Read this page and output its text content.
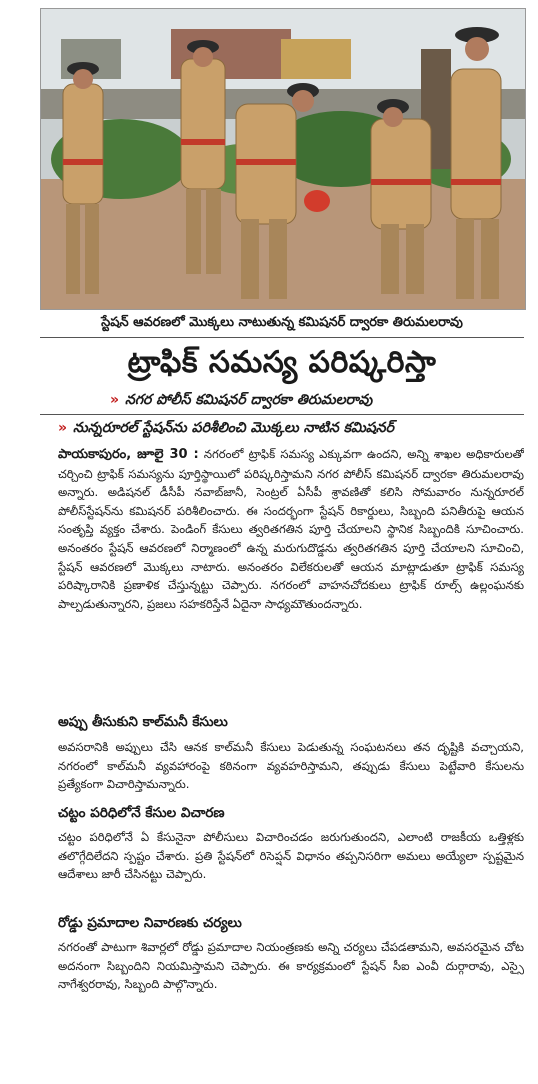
స్టేషన్ ఆవరణలో మొక్కలు నాటుతున్న కమిషనర్ ద్వారకా తిరుమలరావు
ట్రాఫిక్ సమస్య పరిష్కరిస్తా
» నగర పోలీస్ కమిషనర్ ద్వారకా తిరుమలరావు
» నున్నరూరల్ స్టేషన్‌ను పరిశీలించి మొక్కలు నాటిన కమిషనర్
పాయకాపురం, జూలై 30 : నగరంలో ట్రాఫిక్ సమస్య ఎక్కువగా ఉందని, అన్ని శాఖల అధికారులతో చర్చించి ట్రాఫిక్ సమస్యను పూర్తిస్థాయిలో పరిష్కరిస్తామని నగర పోలీస్ కమిషనర్ ద్వారకా తిరుమలరావు అన్నారు. అడిషనల్ డీసీపీ నవాబ్‌జానీ, సెంట్రల్ ఏసీపీ శ్రావణితో కలిసి సోమవారం నున్నరూరల్ పోలీస్‌స్టేషన్‌ను కమిషనర్ పరిశీలించారు. ఈ సందర్భంగా స్టేషన్ రికార్డులు, సిబ్బంది పనితీరుపై ఆయన సంతృప్తి వ్యక్తం చేశారు. పెండింగ్ కేసులు త్వరితగతిన పూర్తి చేయాలని స్థానిక సిబ్బందికి సూచించారు. అనంతరం స్టేషన్ ఆవరణలో నిర్మాణంలో ఉన్న మరుగుదొడ్డను త్వరితగతిన పూర్తి చేయాలని సూచించి, స్టేషన్ ఆవరణలో మొక్కలు నాటారు. అనంతరం విలేకరులతో ఆయన మాట్లాడుతూ ట్రాఫిక్ సమస్య పరిష్కారానికి ప్రణాళిక చేస్తున్నట్టు చెప్పారు. నగరంలో వాహనచోదకులు ట్రాఫిక్ రూల్స్ ఉల్లంఘనకు పాల్పడుతున్నారని, ప్రజలు సహకరిస్తేనే ఏదైనా సాధ్యమౌతుందన్నారు.
అప్పు తీసుకుని కాల్‌మనీ కేసులు
అవసరానికి అప్పులు చేసి ఆనక కాల్‌మనీ కేసులు పెడుతున్న సంఘటనలు తన దృష్టికి వచ్చాయని, నగరంలో కాల్‌మనీ వ్యవహారంపై కఠినంగా వ్యవహరిస్తామని, తప్పుడు కేసులు పెట్టేవారి కేసులను ప్రత్యేకంగా విచారిస్తామన్నారు.
చట్టం పరిధిలోనే కేసుల విచారణ
చట్టం పరిధిలోనే ఏ కేసునైనా పోలీసులు విచారించడం జరుగుతుందని, ఎలాంటి రాజకీయ ఒత్తిళ్లకు తలొగ్గేదిలేదని స్పష్టం చేశారు. ప్రతి స్టేషన్‌లో రిసెప్షన్ విధానం తప్పనిసరిగా అమలు అయ్యేలా స్పష్టమైన ఆదేశాలు జారీ చేసినట్టు చెప్పారు.
రోడ్డు ప్రమాదాల నివారణకు చర్యలు
నగరంతో పాటుగా శివార్లలో రోడ్డు ప్రమాదాల నియంత్రణకు అన్ని చర్యలు చేపడతామని, అవసరమైన చోట అదనంగా సిబ్బందిని నియమిస్తామని చెప్పారు. ఈ కార్యక్రమంలో స్టేషన్ సీఐ ఎంవీ దుర్గారావు, ఎస్సై నాగేశ్వరరావు, సిబ్బంది పాల్గొన్నారు.
